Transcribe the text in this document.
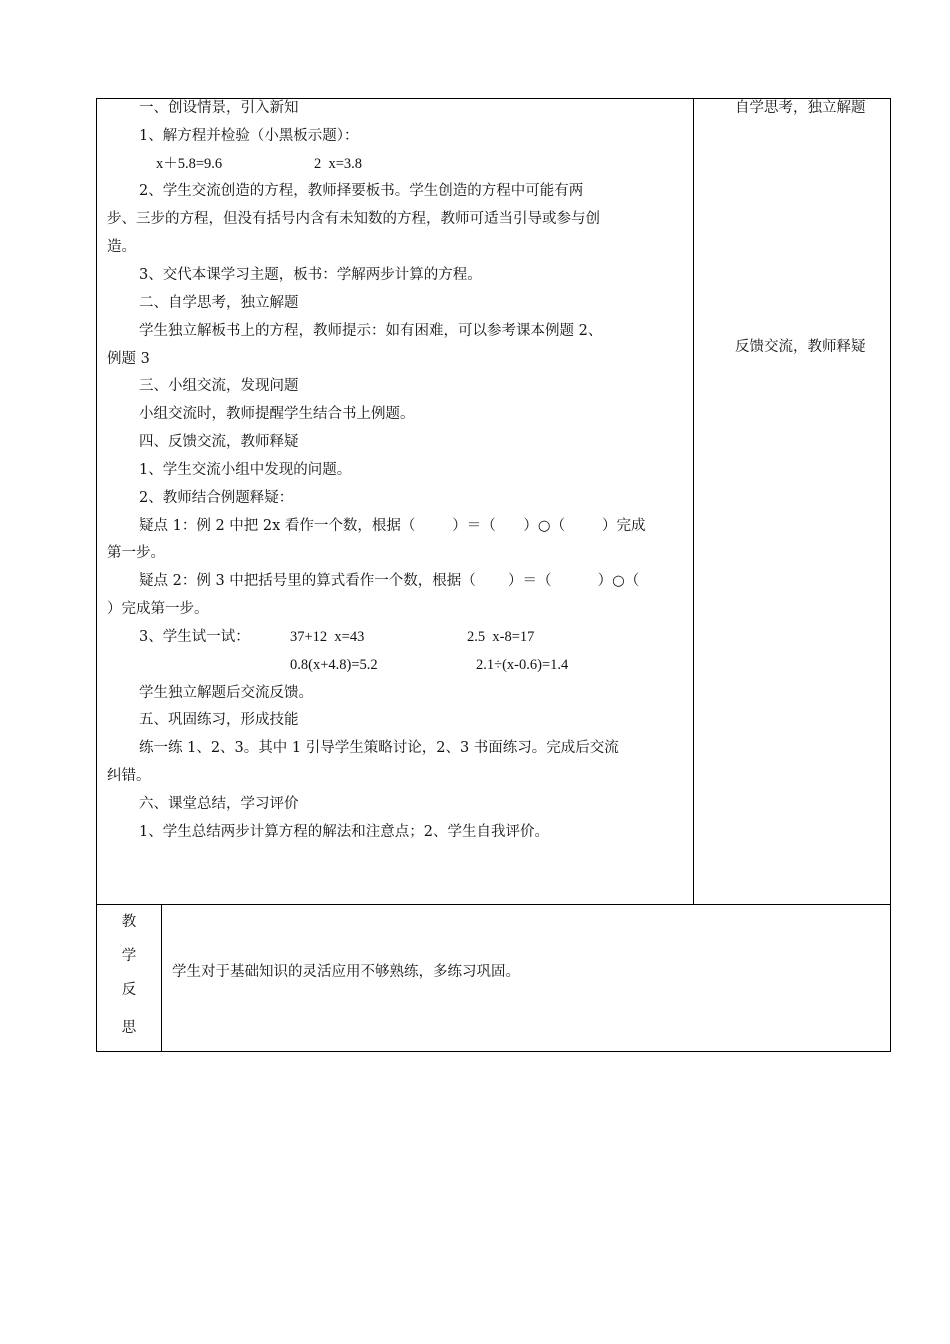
一、创设情景，引入新知
1、解方程并检验（小黑板示题）：
x＋5.8=9.6	2  x=3.8
2、学生交流创造的方程，教师择要板书。学生创造的方程中可能有两
步、三步的方程，但没有括号内含有未知数的方程，教师可适当引导或参与创
造。
3、交代本课学习主题，板书：学解两步计算的方程。
二、自学思考，独立解题
学生独立解板书上的方程，教师提示：如有困难，可以参考课本例题 2、
例题 3
三、小组交流，发现问题
小组交流时，教师提醒学生结合书上例题。
四、反馈交流，教师释疑
1、学生交流小组中发现的问题。
2、教师结合例题释疑：
疑点 1：例 2 中把 2x 看作一个数，根据（        ）＝（      ）○（        ）完成
第一步。
疑点 2：例 3 中把括号里的算式看作一个数，根据（       ）＝（          ）○（
）完成第一步。
3、学生试一试：	37+12  x=43	2.5  x-8=17
0.8(x+4.8)=5.2	2.1÷(x-0.6)=1.4
学生独立解题后交流反馈。
五、巩固练习，形成技能
练一练 1、2、3。其中 1 引导学生策略讨论，2、3 书面练习。完成后交流
纠错。
六、课堂总结，学习评价
1、学生总结两步计算方程的解法和注意点；2、学生自我评价。
自学思考，独立解题
反馈交流，教师释疑
教
学
反
思
学生对于基础知识的灵活应用不够熟练，多练习巩固。
